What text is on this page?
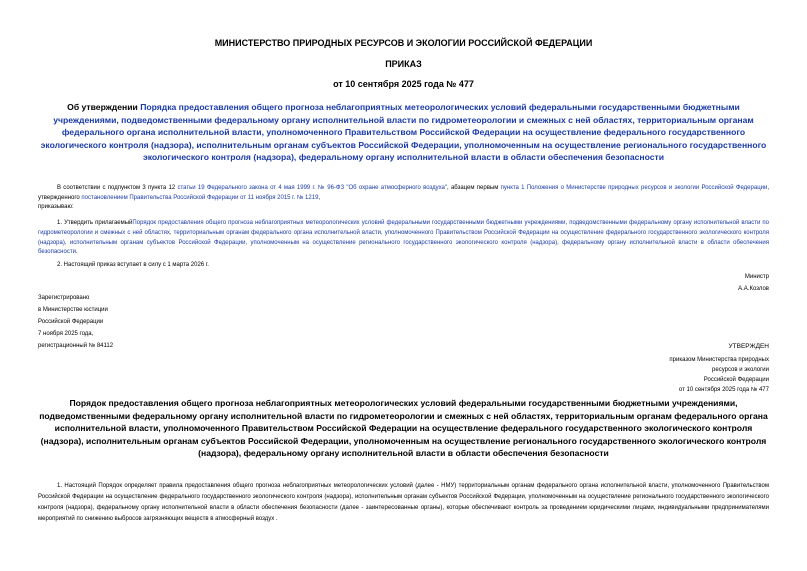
МИНИСТЕРСТВО ПРИРОДНЫХ РЕСУРСОВ И ЭКОЛОГИИ РОССИЙСКОЙ ФЕДЕРАЦИИ
ПРИКАЗ
от 10 сентября 2025 года № 477
Об утверждении Порядка предоставления общего прогноза неблагоприятных метеорологических условий федеральными государственными бюджетными учреждениями, подведомственными федеральному органу исполнительной власти по гидрометеорологии и смежных с ней областях, территориальным органам федерального органа исполнительной власти, уполномоченного Правительством Российской Федерации на осуществление федерального государственного экологического контроля (надзора), исполнительным органам субъектов Российской Федерации, уполномоченным на осуществление регионального государственного экологического контроля (надзора), федеральному органу исполнительной власти в области обеспечения безопасности
В соответствии с подпунктом 3 пункта 12 статьи 19 Федерального закона от 4 мая 1999 г. № 96-ФЗ "Об охране атмосферного воздуха", абзацем первым пункта 1 Положения о Министерстве природных ресурсов и экологии Российской Федерации, утвержденного постановлением Правительства Российской Федерации от 11 ноября 2015 г. № 1219,
приказываю:
1. Утвердить прилагаемыйПорядок предоставления общего прогноза неблагоприятных метеорологических условий федеральными государственными бюджетными учреждениями, подведомственными федеральному органу исполнительной власти по гидрометеорологии и смежных с ней областях, территориальным органам федерального органа исполнительной власти, уполномоченного Правительством Российской Федерации на осуществление федерального государственного экологического контроля (надзора), исполнительным органам субъектов Российской Федерации, уполномоченным на осуществление регионального государственного экологического контроля (надзора), федеральному органу исполнительной власти в области обеспечения безопасности.
2. Настоящий приказ вступает в силу с 1 марта 2026 г.
Министр
А.А.Козлов
Зарегистрировано
в Министерстве юстиции
Российской Федерации
7 ноября 2025 года,
регистрационный № 84112	УТВЕРЖДЕН
приказом Министерства природных
ресурсов и экологии
Российской Федерации
от 10 сентября 2025 года № 477
Порядок предоставления общего прогноза неблагоприятных метеорологических условий федеральными государственными бюджетными учреждениями, подведомственными федеральному органу исполнительной власти по гидрометеорологии и смежных с ней областях, территориальным органам федерального органа исполнительной власти, уполномоченного Правительством Российской Федерации на осуществление федерального государственного экологического контроля (надзора), исполнительным органам субъектов Российской Федерации, уполномоченным на осуществление регионального государственного экологического контроля (надзора), федеральному органу исполнительной власти в области обеспечения безопасности
1. Настоящий Порядок определяет правила предоставления общего прогноза неблагоприятных метеорологических условий (далее - НМУ) территориальным органам федерального органа исполнительной власти, уполномоченного Правительством Российской Федерации на осуществление федерального государственного экологического контроля (надзора), исполнительным органам субъектов Российской Федерации, уполномоченным на осуществление регионального государственного экологического контроля (надзора), федеральному органу исполнительной власти в области обеспечения безопасности (далее - заинтересованные органы), которые обеспечивают контроль за проведением юридическими лицами, индивидуальными предпринимателями мероприятий по снижению выбросов загрязняющих веществ в атмосферный воздух .
